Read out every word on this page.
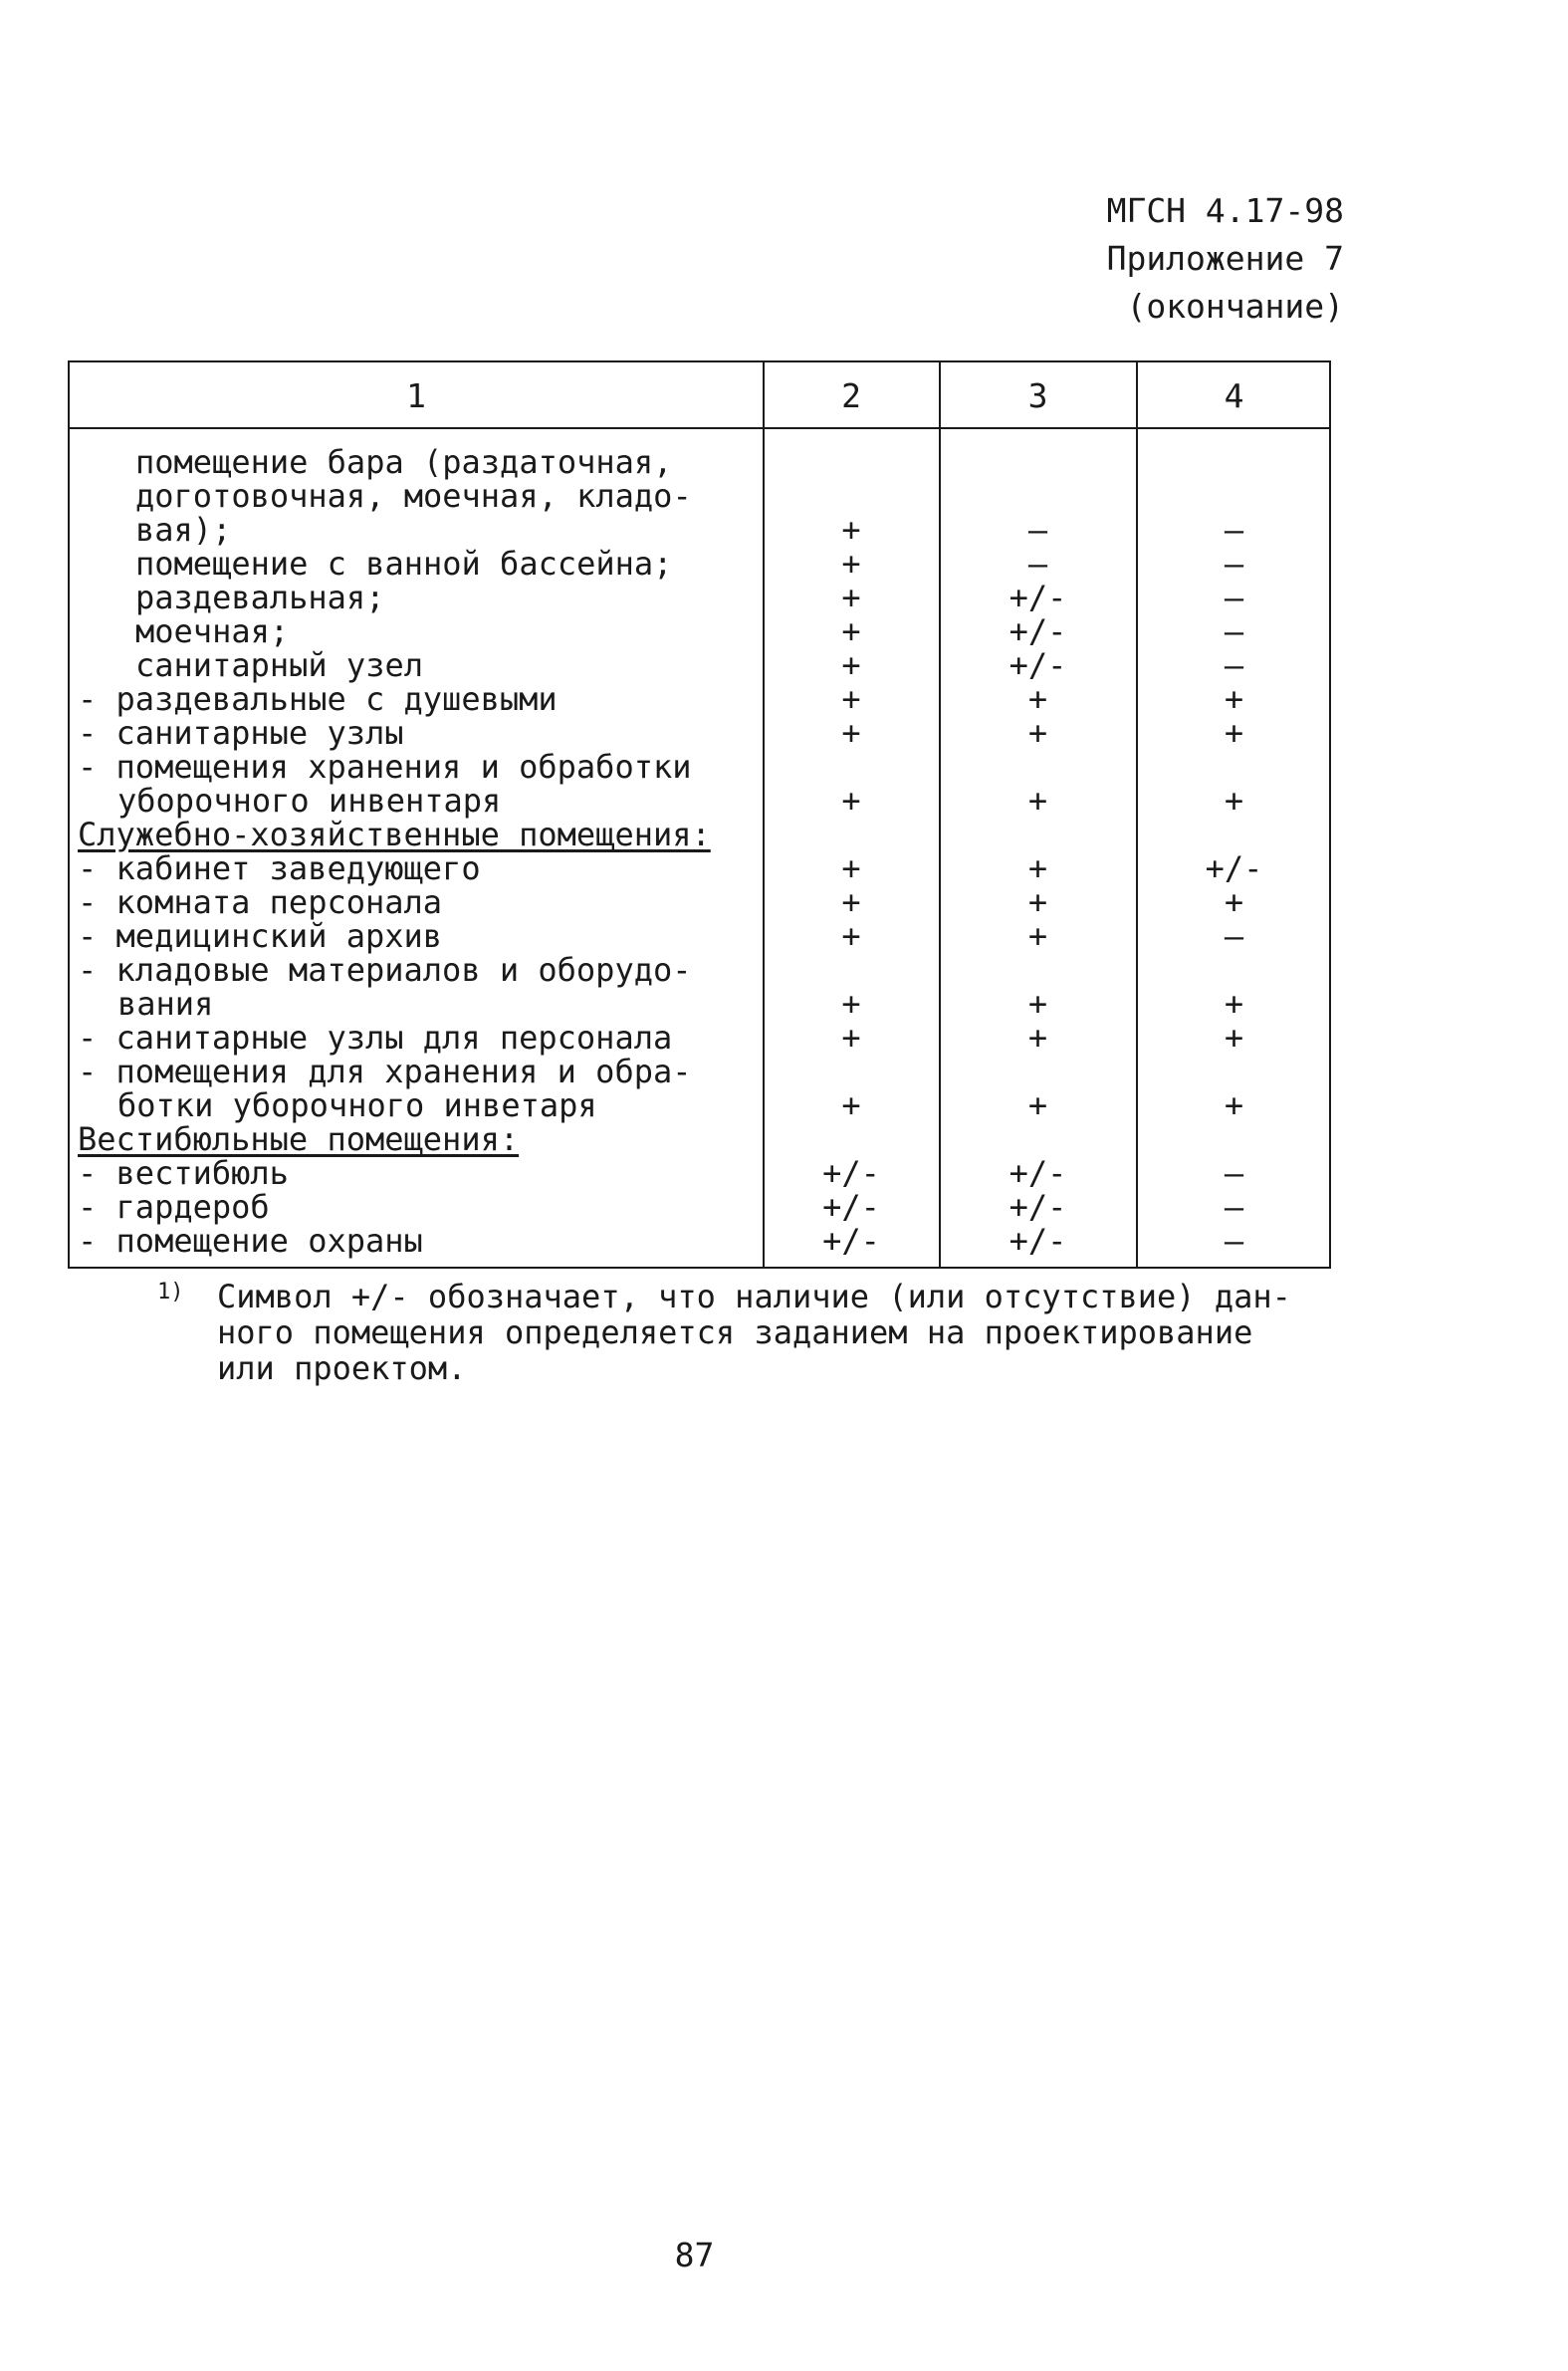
МГСН 4.17-98
Приложение 7
(окончание)
1	2	3	4
помещение бара (раздаточная,
доготовочная, моечная, кладо-
вая);	+	–	–
помещение с ванной бассейна;	+	–	–
раздевальная;	+	+/-	–
моечная;	+	+/-	–
санитарный узел	+	+/-	–
- раздевальные с душевыми	+	+	+
- санитарные узлы	+	+	+
- помещения хранения и обработки
уборочного инвентаря	+	+	+
Служебно-хозяйственные помещения:
- кабинет заведующего	+	+	+/-
- комната персонала	+	+	+
- медицинский архив	+	+	–
- кладовые материалов и оборудо-
вания	+	+	+
- санитарные узлы для персонала	+	+	+
- помещения для хранения и обра-
ботки уборочного инветаря	+	+	+
Вестибюльные помещения:
- вестибюль	+/-	+/-	–
- гардероб	+/-	+/-	–
- помещение охраны	+/-	+/-	–
1) Символ +/- обозначает, что наличие (или отсутствие) дан-
ного помещения определяется заданием на проектирование
или проектом.
87
